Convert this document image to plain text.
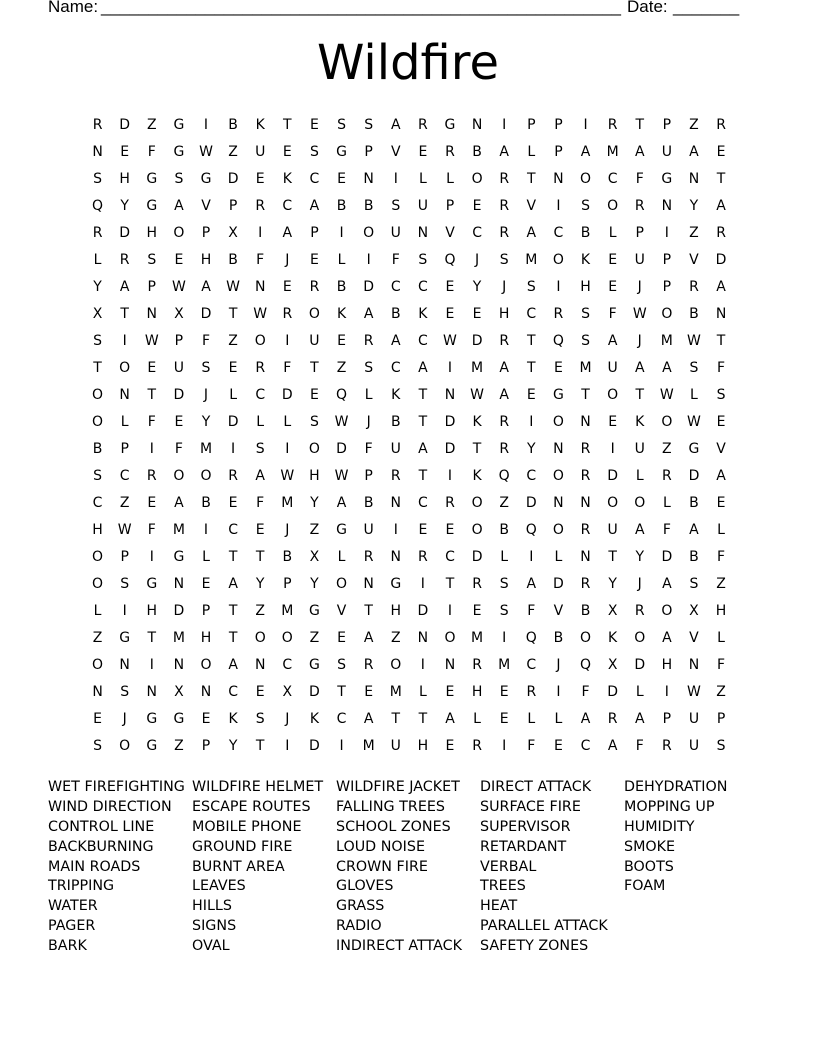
Name: _______________________________________________________ Date: _______
Wildfire
R	D	Z	G	I	B	K	T	E	S	S	A	R	G	N	I	P	P	I	R	T	P	Z	R
N	E	F	G	W	Z	U	E	S	G	P	V	E	R	B	A	L	P	A	M	A	U	A	E
S	H	G	S	G	D	E	K	C	E	N	I	L	L	O	R	T	N	O	C	F	G	N	T
Q	Y	G	A	V	P	R	C	A	B	B	S	U	P	E	R	V	I	S	O	R	N	Y	A
R	D	H	O	P	X	I	A	P	I	O	U	N	V	C	R	A	C	B	L	P	I	Z	R
L	R	S	E	H	B	F	J	E	L	I	F	S	Q	J	S	M	O	K	E	U	P	V	D
Y	A	P	W	A	W	N	E	R	B	D	C	C	E	Y	J	S	I	H	E	J	P	R	A
X	T	N	X	D	T	W	R	O	K	A	B	K	E	E	H	C	R	S	F	W	O	B	N
S	I	W	P	F	Z	O	I	U	E	R	A	C	W	D	R	T	Q	S	A	J	M	W	T
T	O	E	U	S	E	R	F	T	Z	S	C	A	I	M	A	T	E	M	U	A	A	S	F
O	N	T	D	J	L	C	D	E	Q	L	K	T	N	W	A	E	G	T	O	T	W	L	S
O	L	F	E	Y	D	L	L	S	W	J	B	T	D	K	R	I	O	N	E	K	O	W	E
B	P	I	F	M	I	S	I	O	D	F	U	A	D	T	R	Y	N	R	I	U	Z	G	V
S	C	R	O	O	R	A	W	H	W	P	R	T	I	K	Q	C	O	R	D	L	R	D	A
C	Z	E	A	B	E	F	M	Y	A	B	N	C	R	O	Z	D	N	N	O	O	L	B	E
H	W	F	M	I	C	E	J	Z	G	U	I	E	E	O	B	Q	O	R	U	A	F	A	L
O	P	I	G	L	T	T	B	X	L	R	N	R	C	D	L	I	L	N	T	Y	D	B	F
O	S	G	N	E	A	Y	P	Y	O	N	G	I	T	R	S	A	D	R	Y	J	A	S	Z
L	I	H	D	P	T	Z	M	G	V	T	H	D	I	E	S	F	V	B	X	R	O	X	H
Z	G	T	M	H	T	O	O	Z	E	A	Z	N	O	M	I	Q	B	O	K	O	A	V	L
O	N	I	N	O	A	N	C	G	S	R	O	I	N	R	M	C	J	Q	X	D	H	N	F
N	S	N	X	N	C	E	X	D	T	E	M	L	E	H	E	R	I	F	D	L	I	W	Z
E	J	G	G	E	K	S	J	K	C	A	T	T	A	L	E	L	L	A	R	A	P	U	P
S	O	G	Z	P	Y	T	I	D	I	M	U	H	E	R	I	F	E	C	A	F	R	U	S
WET FIREFIGHTING
WIND DIRECTION
CONTROL LINE
BACKBURNING
MAIN ROADS
TRIPPING
WATER
PAGER
BARK
WILDFIRE HELMET
ESCAPE ROUTES
MOBILE PHONE
GROUND FIRE
BURNT AREA
LEAVES
HILLS
SIGNS
OVAL
WILDFIRE JACKET
FALLING TREES
SCHOOL ZONES
LOUD NOISE
CROWN FIRE
GLOVES
GRASS
RADIO
INDIRECT ATTACK
DIRECT ATTACK
SURFACE FIRE
SUPERVISOR
RETARDANT
VERBAL
TREES
HEAT
PARALLEL ATTACK
SAFETY ZONES
DEHYDRATION
MOPPING UP
HUMIDITY
SMOKE
BOOTS
FOAM
